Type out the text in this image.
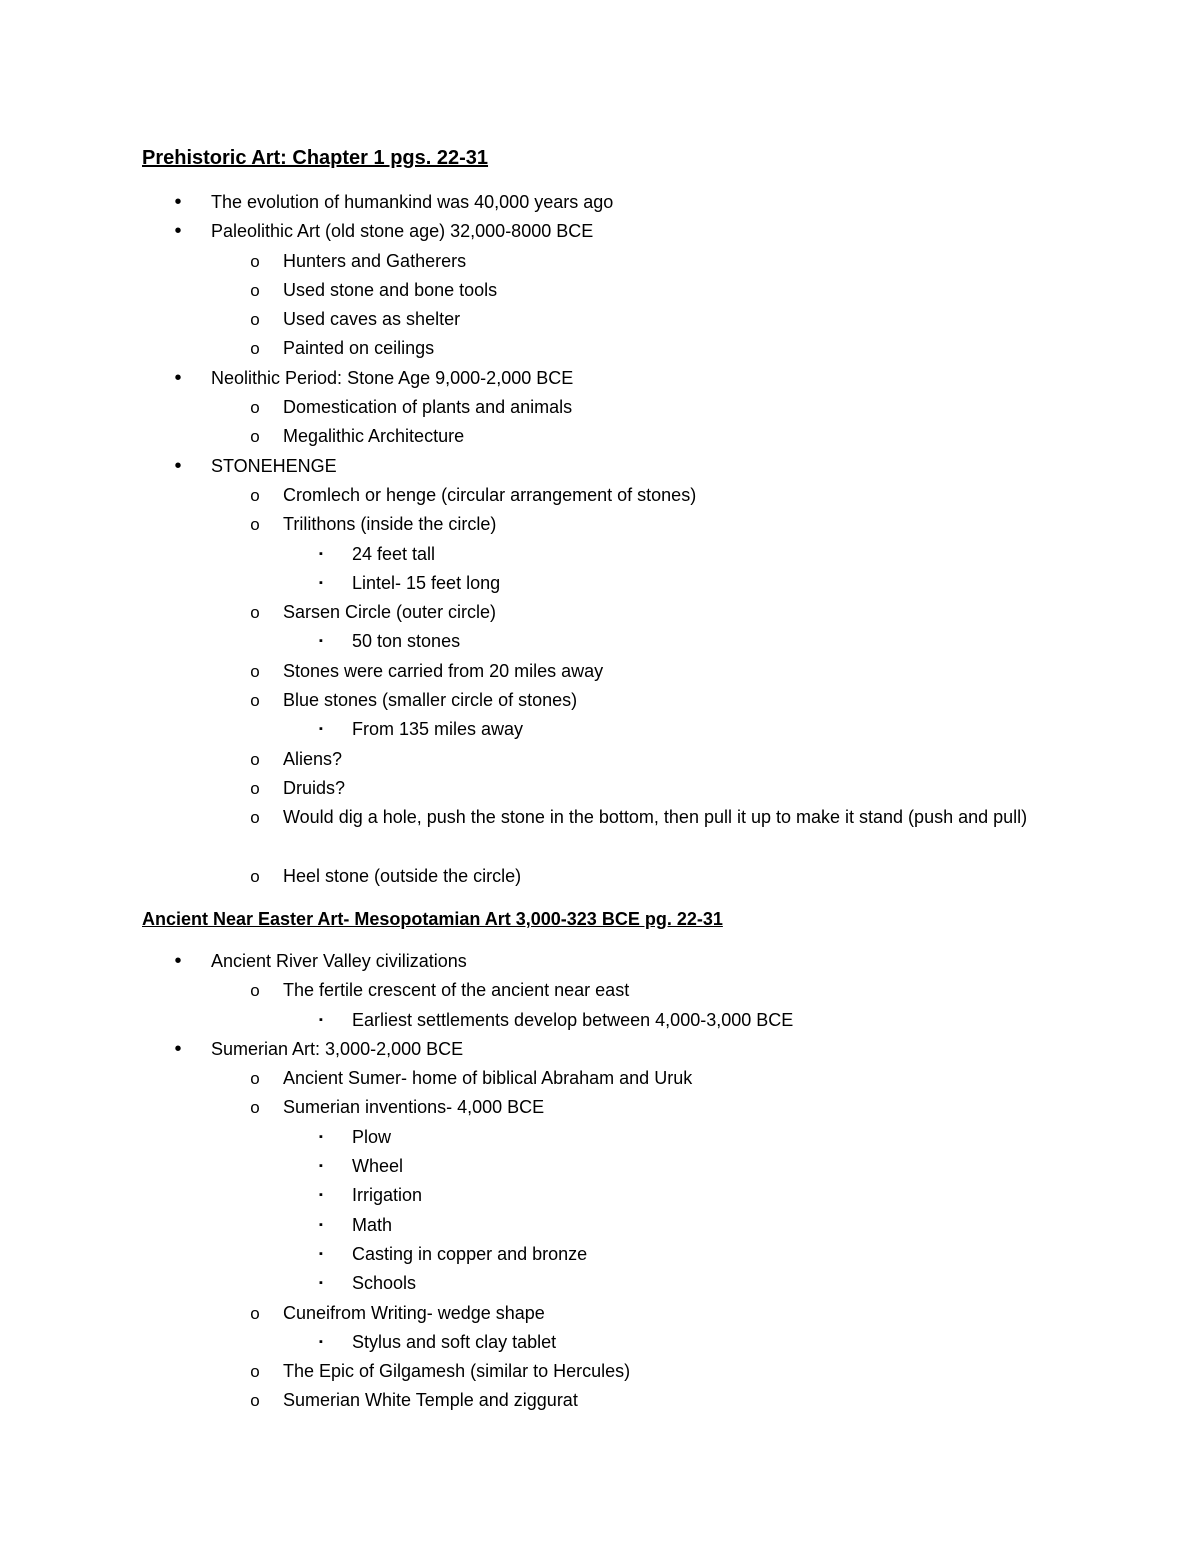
Prehistoric Art: Chapter 1 pgs. 22-31
•	The evolution of humankind was 40,000 years ago
•	Paleolithic Art (old stone age) 32,000-8000 BCE
o Hunters and Gatherers
o Used stone and bone tools
o Used caves as shelter
o Painted on ceilings
•	Neolithic Period: Stone Age 9,000-2,000 BCE
o Domestication of plants and animals
o Megalithic Architecture
•	STONEHENGE
o Cromlech or henge (circular arrangement of stones)
o Trilithons (inside the circle)
▪	24 feet tall
▪	Lintel- 15 feet long
o Sarsen Circle (outer circle)
▪	50 ton stones
o Stones were carried from 20 miles away
o Blue stones (smaller circle of stones)
▪	From 135 miles away
o Aliens?
o Druids?
o Would dig a hole, push the stone in the bottom, then pull it up to make it stand (push and pull)
o Heel stone (outside the circle)
Ancient Near Easter Art- Mesopotamian Art 3,000-323 BCE pg. 22-31
•	Ancient River Valley civilizations
o The fertile crescent of the ancient near east
▪	Earliest settlements develop between 4,000-3,000 BCE
•	Sumerian Art: 3,000-2,000 BCE
o Ancient Sumer- home of biblical Abraham and Uruk
o Sumerian inventions- 4,000 BCE
▪	Plow
▪	Wheel
▪	Irrigation
▪	Math
▪	Casting in copper and bronze
▪	Schools
o Cuneifrom Writing- wedge shape
▪	Stylus and soft clay tablet
o The Epic of Gilgamesh (similar to Hercules)
o Sumerian White Temple and ziggurat
